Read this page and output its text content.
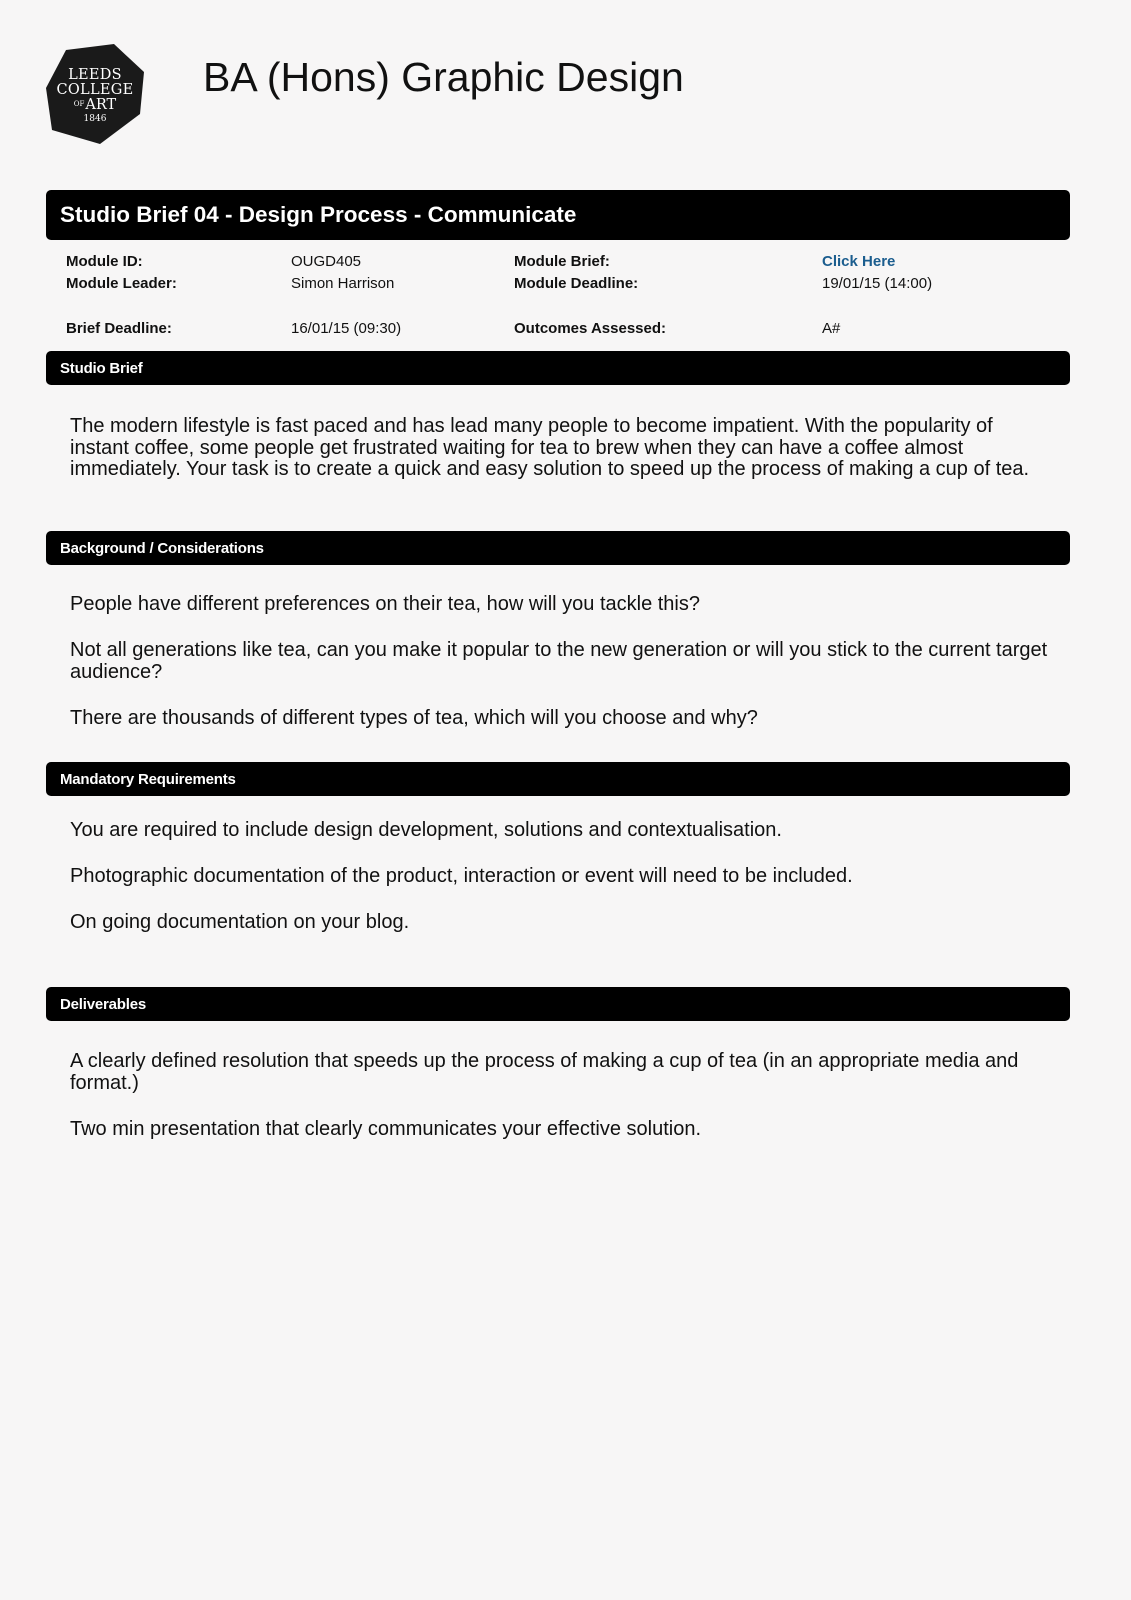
LEEDS
COLLEGE
$^{OF}$ART
1846
BA (Hons) Graphic Design
Studio Brief 04 - Design Process - Communicate
Module ID:	OUGD405	Module Brief:	Click Here
Module Leader:	Simon Harrison	Module Deadline:	19/01/15 (14:00)
Brief Deadline:	16/01/15 (09:30)	Outcomes Assessed:	A#
Studio Brief

The modern lifestyle is fast paced and has lead many people to become impatient. With the popularity of instant coffee, some people get frustrated waiting for tea to brew when they can have a coffee almost immediately. Your task is to create a quick and easy solution to speed up the process of making a cup of tea.

Background / Considerations

People have different preferences on their tea, how will you tackle this?

Not all generations like tea, can you make it popular to the new generation or will you stick to the current target audience?

There are thousands of different types of tea, which will you choose and why?

Mandatory Requirements

You are required to include design development, solutions and contextualisation.

Photographic documentation of the product, interaction or event will need to be included.

On going documentation on your blog.

Deliverables

A clearly defined resolution that speeds up the process of making a cup of tea (in an appropriate media and format.)

Two min presentation that clearly communicates your effective solution.
